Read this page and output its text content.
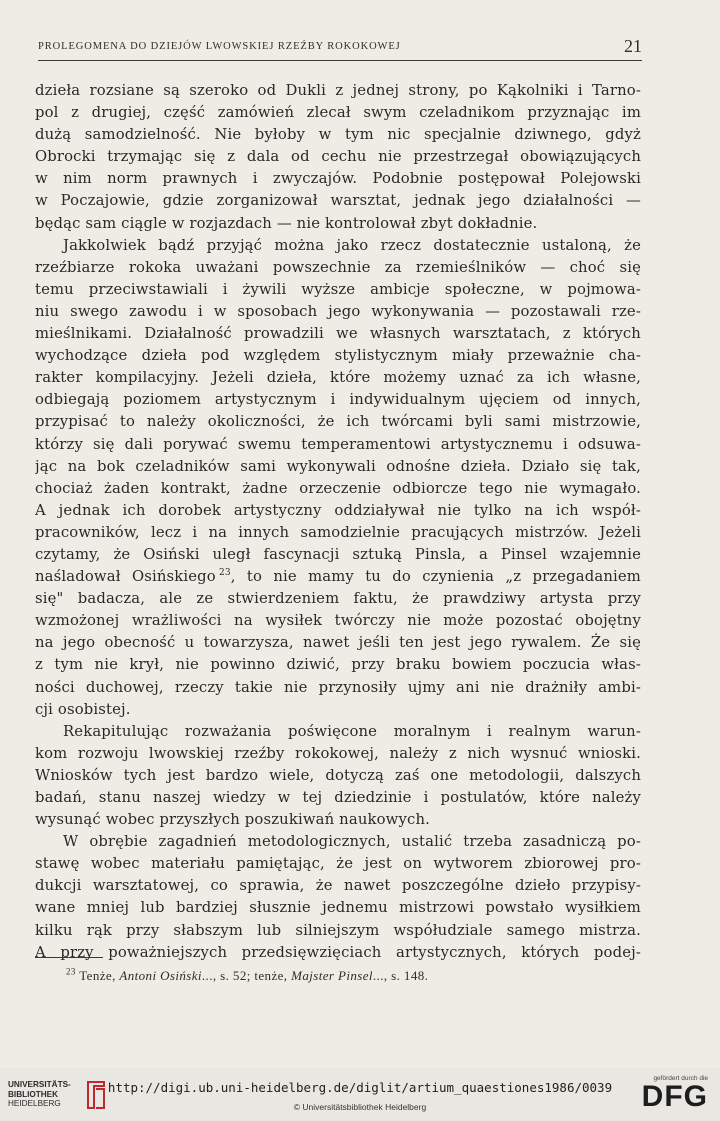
PROLEGOMENA DO DZIEJÓW LWOWSKIEJ RZEŹBY ROKOKOWEJ	21
dzieła rozsiane są szeroko od Dukli z jednej strony, po Kąkolniki i Tarno-
pol z drugiej, część zamówień zlecał swym czeladnikom przyznając im
dużą samodzielność. Nie byłoby w tym nic specjalnie dziwnego, gdyż
Obrocki trzymając się z dala od cechu nie przestrzegał obowiązujących
w nim norm prawnych i zwyczajów. Podobnie postępował Polejowski
w Poczajowie, gdzie zorganizował warsztat, jednak jego działalności —
będąc sam ciągle w rozjazdach — nie kontrolował zbyt dokładnie.
Jakkolwiek bądź przyjąć można jako rzecz dostatecznie ustaloną, że
rzeźbiarze rokoka uważani powszechnie za rzemieślników — choć się
temu przeciwstawiali i żywili wyższe ambicje społeczne, w pojmowa-
niu swego zawodu i w sposobach jego wykonywania — pozostawali rze-
mieślnikami. Działalność prowadzili we własnych warsztatach, z których
wychodzące dzieła pod względem stylistycznym miały przeważnie cha-
rakter kompilacyjny. Jeżeli dzieła, które możemy uznać za ich własne,
odbiegają poziomem artystycznym i indywidualnym ujęciem od innych,
przypisać to należy okoliczności, że ich twórcami byli sami mistrzowie,
którzy się dali porywać swemu temperamentowi artystycznemu i odsuwa-
jąc na bok czeladników sami wykonywali odnośne dzieła. Działo się tak,
chociaż żaden kontrakt, żadne orzeczenie odbiorcze tego nie wymagało.
A jednak ich dorobek artystyczny oddziaływał nie tylko na ich współ-
pracowników, lecz i na innych samodzielnie pracujących mistrzów. Jeżeli
czytamy, że Osiński uległ fascynacji sztuką Pinsla, a Pinsel wzajemnie
naśladował Osińskiego  $^{23}$, to nie mamy tu do czynienia „z przegadaniem
się" badacza, ale ze stwierdzeniem faktu, że prawdziwy artysta przy
wzmożonej wrażliwości na wysiłek twórczy nie może pozostać obojętny
na jego obecność u towarzysza, nawet jeśli ten jest jego rywalem. Że się
z tym nie krył, nie powinno dziwić, przy braku bowiem poczucia włas-
ności duchowej, rzeczy takie nie przynosiły ujmy ani nie drażniły ambi-
cji osobistej.
Rekapitulując rozważania poświęcone moralnym i realnym warun-
kom rozwoju lwowskiej rzeźby rokokowej, należy z nich wysnuć wnioski.
Wniosków tych jest bardzo wiele, dotyczą zaś one metodologii, dalszych
badań, stanu naszej wiedzy w tej dziedzinie i postulatów, które należy
wysunąć wobec przyszłych poszukiwań naukowych.
W obrębie zagadnień metodologicznych, ustalić trzeba zasadniczą po-
stawę wobec materiału pamiętając, że jest on wytworem zbiorowej pro-
dukcji warsztatowej, co sprawia, że nawet poszczególne dzieło przypisy-
wane mniej lub bardziej słusznie jednemu mistrzowi powstało wysiłkiem
kilku rąk przy słabszym lub silniejszym współudziale samego mistrza.
A przy poważniejszych przedsięwzięciach artystycznych, których podej-
$^{23}$ Tenże, Antoni Osiński..., s. 52; tenże, Majster Pinsel..., s. 148.
UNIVERSITÄTS-
BIBLIOTHEK
HEIDELBERG
http://digi.ub.uni-heidelberg.de/diglit/artium_quaestiones1986/0039
© Universitätsbibliothek Heidelberg
gefördert durch die
DFG
